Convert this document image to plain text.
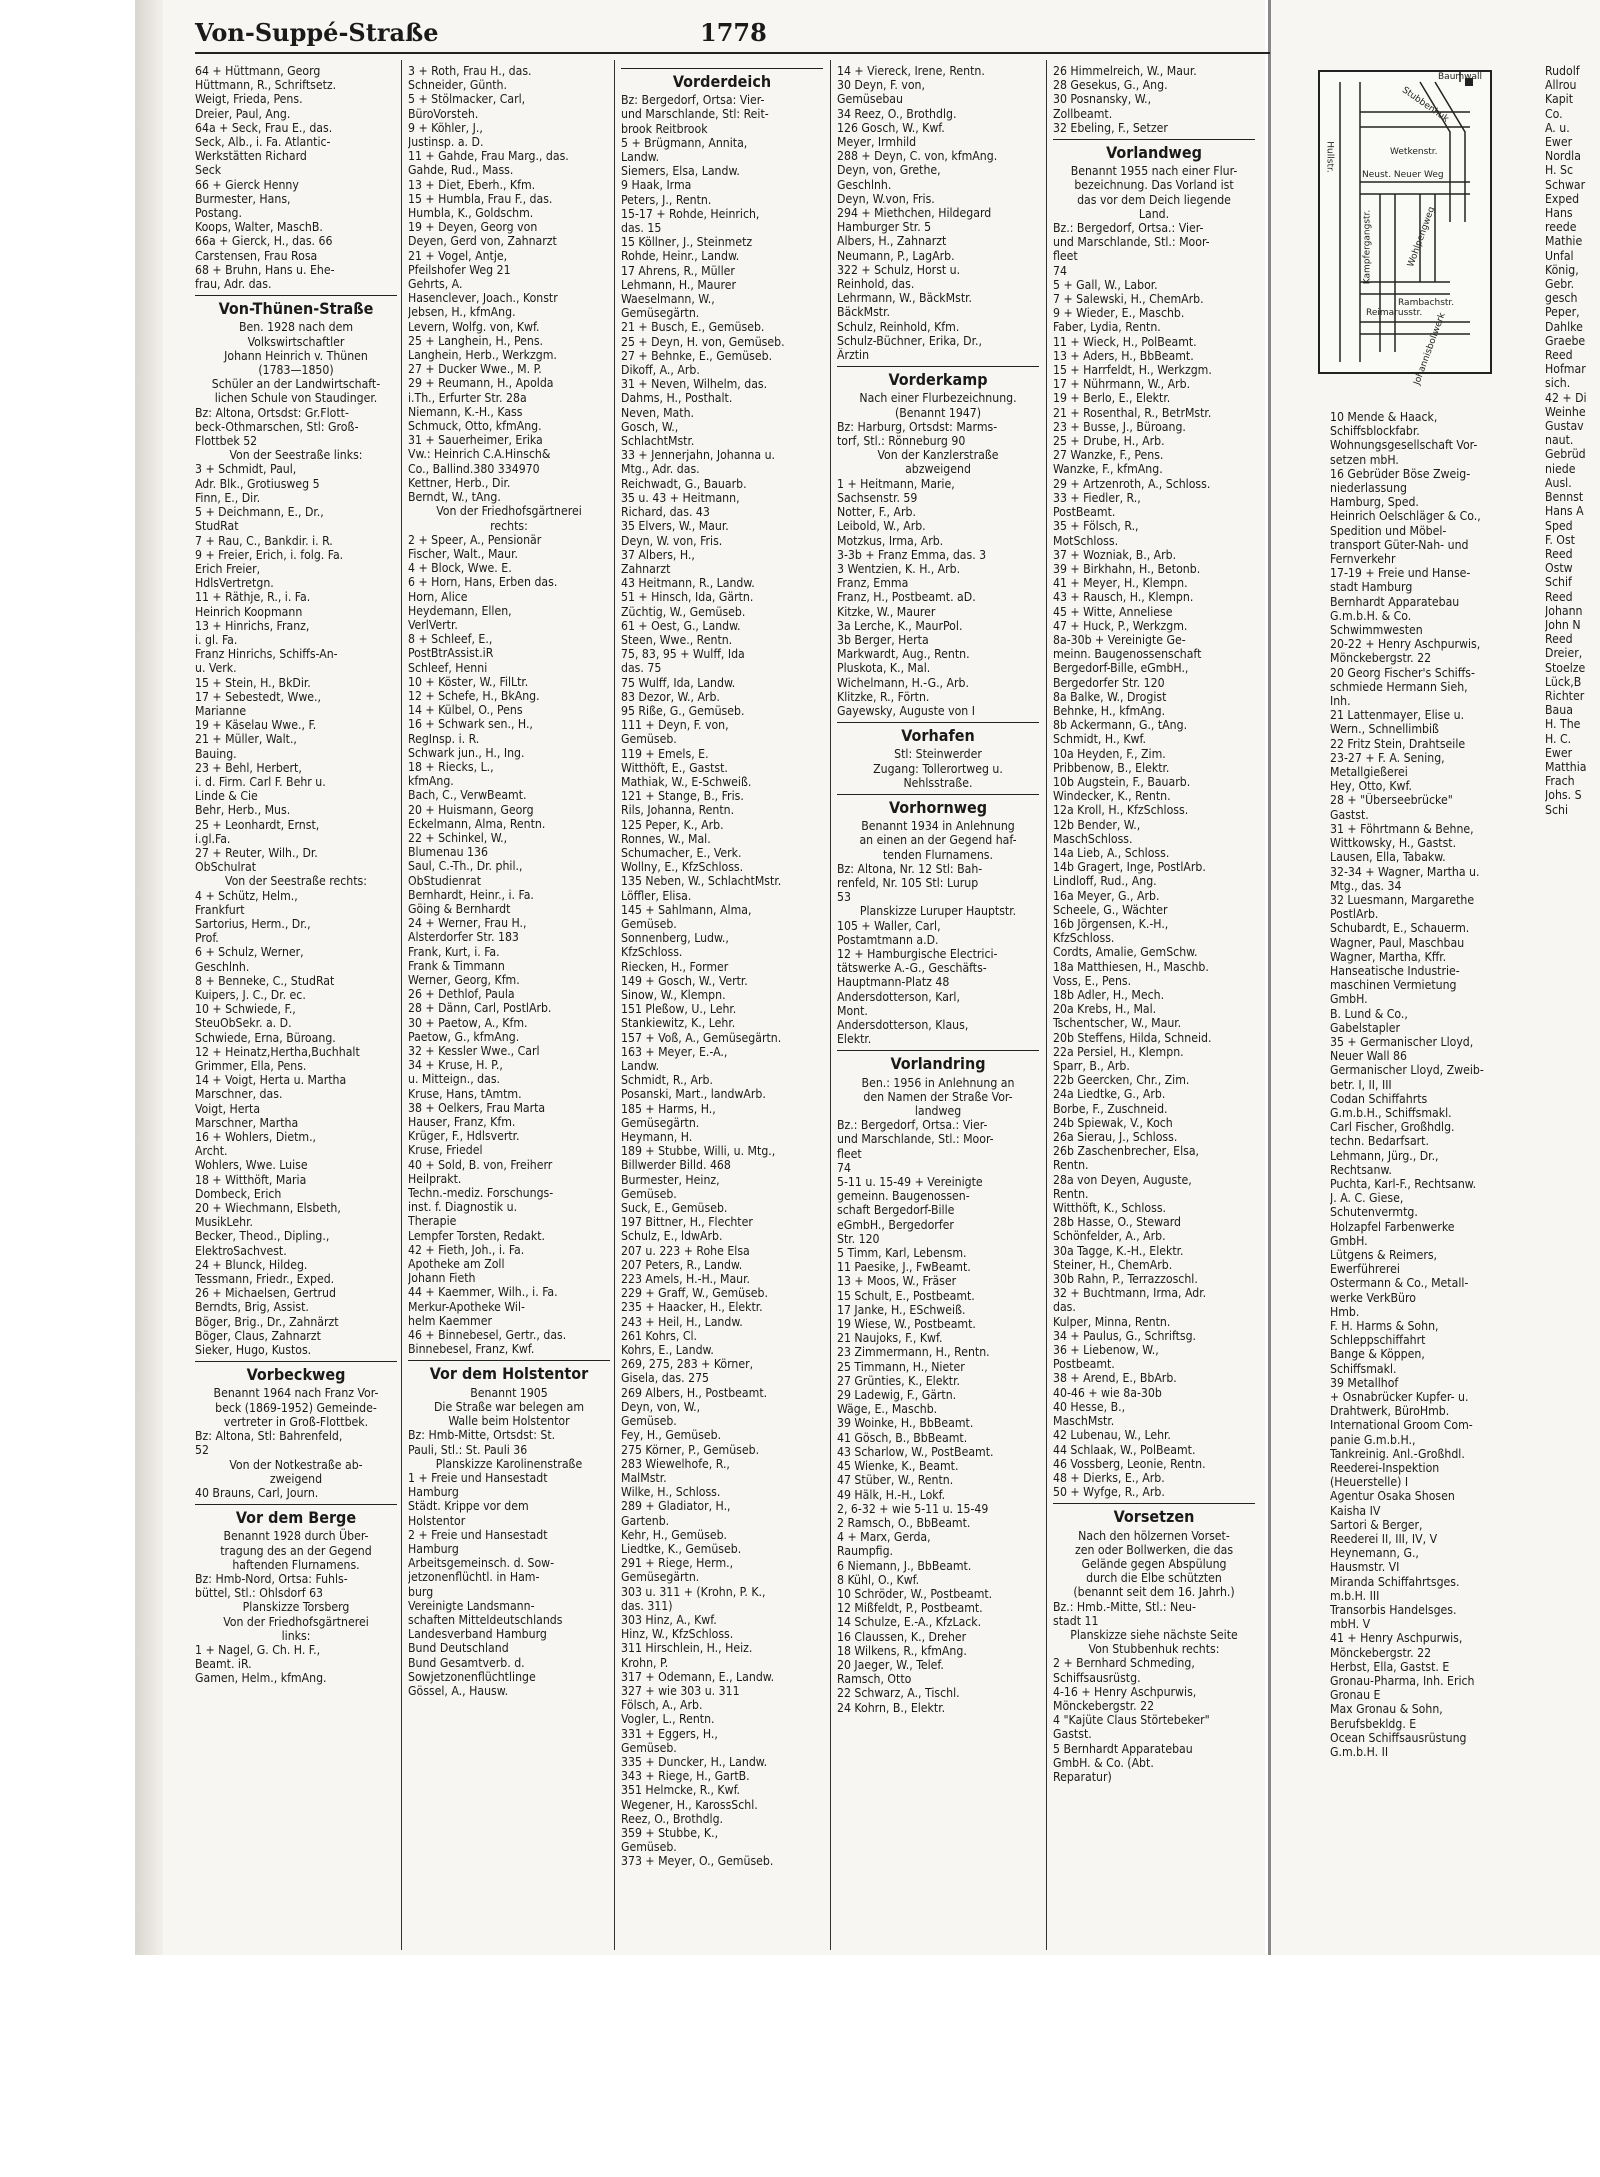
Von-Suppé-Straße	1778
64 + Hüttmann, Georg
Hüttmann, R., Schriftsetz.
Weigt, Frieda, Pens.
Dreier, Paul, Ang.
64a + Seck, Frau E., das.
Seck, Alb., i. Fa. Atlantic-
Werkstätten Richard
Seck
66 + Gierck Henny
Burmester, Hans,
Postang.
Koops, Walter, MaschB.
66a + Gierck, H., das. 66
Carstensen, Frau Rosa
68 + Bruhn, Hans u. Ehe-
frau, Adr. das.
Von-Thünen-Straße
Ben. 1928 nach dem
Volkswirtschaftler
Johann Heinrich v. Thünen
(1783—1850)
Schüler an der Landwirtschaft-
lichen Schule von Staudinger.
Bz: Altona, Ortsdst: Gr.Flott-
beck-Othmarschen, Stl: Groß-
Flottbek 52
Von der Seestraße links:
3 + Schmidt, Paul,
Adr. Blk., Grotiusweg 5
Finn, E., Dir.
5 + Deichmann, E., Dr.,
StudRat
7 + Rau, C., Bankdir. i. R.
9 + Freier, Erich, i. folg. Fa.
Erich Freier,
HdlsVertretgn.
11 + Räthje, R., i. Fa.
Heinrich Koopmann
13 + Hinrichs, Franz,
i. gl. Fa.
Franz Hinrichs, Schiffs-An-
u. Verk.
15 + Stein, H., BkDir.
17 + Sebestedt, Wwe.,
Marianne
19 + Käselau Wwe., F.
21 + Müller, Walt.,
Bauing.
23 + Behl, Herbert,
i. d. Firm. Carl F. Behr u.
Linde & Cie
Behr, Herb., Mus.
25 + Leonhardt, Ernst,
i.gl.Fa.
27 + Reuter, Wilh., Dr.
ObSchulrat
Von der Seestraße rechts:
4 + Schütz, Helm.,
Frankfurt
Sartorius, Herm., Dr.,
Prof.
6 + Schulz, Werner,
Geschlnh.
8 + Benneke, C., StudRat
Kuipers, J. C., Dr. ec.
10 + Schwiede, F.,
SteuObSekr. a. D.
Schwiede, Erna, Büroang.
12 + Heinatz,Hertha,Buchhalt
Grimmer, Ella, Pens.
14 + Voigt, Herta u. Martha
Marschner, das.
Voigt, Herta
Marschner, Martha
16 + Wohlers, Dietm.,
Archt.
Wohlers, Wwe. Luise
18 + Witthöft, Maria
Dombeck, Erich
20 + Wiechmann, Elsbeth,
MusikLehr.
Becker, Theod., Dipling.,
ElektroSachvest.
24 + Blunck, Hildeg.
Tessmann, Friedr., Exped.
26 + Michaelsen, Gertrud
Berndts, Brig, Assist.
Böger, Brig., Dr., Zahnärzt
Böger, Claus, Zahnarzt
Sieker, Hugo, Kustos.
Vorbeckweg
Benannt 1964 nach Franz Vor-
beck (1869-1952) Gemeinde-
vertreter in Groß-Flottbek.
Bz: Altona, Stl: Bahrenfeld,
52
Von der Notkestraße ab-
zweigend
40 Brauns, Carl, Journ.
Vor dem Berge
Benannt 1928 durch Über-
tragung des an der Gegend
haftenden Flurnamens.
Bz: Hmb-Nord, Ortsa: Fuhls-
büttel, Stl.: Ohlsdorf 63
Planskizze Torsberg
Von der Friedhofsgärtnerei
links:
1 + Nagel, G. Ch. H. F.,
Beamt. iR.
Gamen, Helm., kfmAng.
3 + Roth, Frau H., das.
Schneider, Günth.
5 + Stölmacker, Carl,
BüroVorsteh.
9 + Köhler, J.,
Justinsp. a. D.
11 + Gahde, Frau Marg., das.
Gahde, Rud., Mass.
13 + Diet, Eberh., Kfm.
15 + Humbla, Frau F., das.
Humbla, K., Goldschm.
19 + Deyen, Georg von
Deyen, Gerd von, Zahnarzt
21 + Vogel, Antje,
Pfeilshofer Weg 21
Gehrts, A.
Hasenclever, Joach., Konstr
Jebsen, H., kfmAng.
Levern, Wolfg. von, Kwf.
25 + Langhein, H., Pens.
Langhein, Herb., Werkzgm.
27 + Ducker Wwe., M. P.
29 + Reumann, H., Apolda
i.Th., Erfurter Str. 28a
Niemann, K.-H., Kass
Schmuck, Otto, kfmAng.
31 + Sauerheimer, Erika
Vw.: Heinrich C.A.Hinsch&
Co., Ballind.380 334970
Kettner, Herb., Dir.
Berndt, W., tAng.
Von der Friedhofsgärtnerei
rechts:
2 + Speer, A., Pensionär
Fischer, Walt., Maur.
4 + Block, Wwe. E.
6 + Horn, Hans, Erben das.
Horn, Alice
Heydemann, Ellen,
VerlVertr.
8 + Schleef, E.,
PostBtrAssist.iR
Schleef, Henni
10 + Köster, W., FilLtr.
12 + Schefe, H., BkAng.
14 + Külbel, O., Pens
16 + Schwark sen., H.,
RegInsp. i. R.
Schwark jun., H., Ing.
18 + Riecks, L.,
kfmAng.
Bach, C., VerwBeamt.
20 + Huismann, Georg
Eckelmann, Alma, Rentn.
22 + Schinkel, W.,
Blumenau 136
Saul, C.-Th., Dr. phil.,
ObStudienrat
Bernhardt, Heinr., i. Fa.
Göing & Bernhardt
24 + Werner, Frau H.,
Alsterdorfer Str. 183
Frank, Kurt, i. Fa.
Frank & Timmann
Werner, Georg, Kfm.
26 + Dethlof, Paula
28 + Dänn, Carl, PostlArb.
30 + Paetow, A., Kfm.
Paetow, G., kfmAng.
32 + Kessler Wwe., Carl
34 + Kruse, H. P.,
u. Mitteign., das.
Kruse, Hans, tAmtm.
38 + Oelkers, Frau Marta
Hauser, Franz, Kfm.
Krüger, F., Hdlsvertr.
Kruse, Friedel
40 + Sold, B. von, Freiherr
Heilprakt.
Techn.-mediz. Forschungs-
inst. f. Diagnostik u.
Therapie
Lempfer Torsten, Redakt.
42 + Fieth, Joh., i. Fa.
Apotheke am Zoll
Johann Fieth
44 + Kaemmer, Wilh., i. Fa.
Merkur-Apotheke Wil-
helm Kaemmer
46 + Binnebesel, Gertr., das.
Binnebesel, Franz, Kwf.
Vor dem Holstentor
Benannt 1905
Die Straße war belegen am
Walle beim Holstentor
Bz: Hmb-Mitte, Ortsdst: St.
Pauli, Stl.: St. Pauli 36
Planskizze Karolinenstraße
1 + Freie und Hansestadt
Hamburg
Städt. Krippe vor dem
Holstentor
2 + Freie und Hansestadt
Hamburg
Arbeitsgemeinsch. d. Sow-
jetzonenflüchtl. in Ham-
burg
Vereinigte Landsmann-
schaften Mitteldeutschlands
Landesverband Hamburg
Bund Deutschland
Bund Gesamtverb. d.
Sowjetzonenflüchtlinge
Gössel, A., Hausw.
Vorderdeich
Bz: Bergedorf, Ortsa: Vier-
und Marschlande, Stl: Reit-
brook Reitbrook
5 + Brügmann, Annita,
Landw.
Siemers, Elsa, Landw.
9 Haak, Irma
Peters, J., Rentn.
15-17 + Rohde, Heinrich,
das. 15
15 Köllner, J., Steinmetz
Rohde, Heinr., Landw.
17 Ahrens, R., Müller
Lehmann, H., Maurer
Waeselmann, W.,
Gemüsegärtn.
21 + Busch, E., Gemüseb.
25 + Deyn, H. von, Gemüseb.
27 + Behnke, E., Gemüseb.
Dikoff, A., Arb.
31 + Neven, Wilhelm, das.
Dahms, H., Posthalt.
Neven, Math.
Gosch, W.,
SchlachtMstr.
33 + Jennerjahn, Johanna u.
Mtg., Adr. das.
Reichwadt, G., Bauarb.
35 u. 43 + Heitmann,
Richard, das. 43
35 Elvers, W., Maur.
Deyn, W. von, Fris.
37 Albers, H.,
Zahnarzt
43 Heitmann, R., Landw.
51 + Hinsch, Ida, Gärtn.
Züchtig, W., Gemüseb.
61 + Oest, G., Landw.
Steen, Wwe., Rentn.
75, 83, 95 + Wulff, Ida
das. 75
75 Wulff, Ida, Landw.
83 Dezor, W., Arb.
95 Riße, G., Gemüseb.
111 + Deyn, F. von,
Gemüseb.
119 + Emels, E.
Witthöft, E., Gastst.
Mathiak, W., E-Schweiß.
121 + Stange, B., Fris.
Rils, Johanna, Rentn.
125 Peper, K., Arb.
Ronnes, W., Mal.
Schumacher, E., Verk.
Wollny, E., KfzSchloss.
135 Neben, W., SchlachtMstr.
Löffler, Elisa.
145 + Sahlmann, Alma,
Gemüseb.
Sonnenberg, Ludw.,
KfzSchloss.
Riecken, H., Former
149 + Gosch, W., Vertr.
Sinow, W., Klempn.
151 Pleßow, U., Lehr.
Stankiewitz, K., Lehr.
157 + Voß, A., Gemüsegärtn.
163 + Meyer, E.-A.,
Landw.
Schmidt, R., Arb.
Posanski, Mart., landwArb.
185 + Harms, H.,
Gemüsegärtn.
Heymann, H.
189 + Stubbe, Willi, u. Mtg.,
Billwerder Billd. 468
Burmester, Heinz,
Gemüseb.
Suck, E., Gemüseb.
197 Bittner, H., Flechter
Schulz, E., ldwArb.
207 u. 223 + Rohe Elsa
207 Peters, R., Landw.
223 Amels, H.-H., Maur.
229 + Graff, W., Gemüseb.
235 + Haacker, H., Elektr.
243 + Heil, H., Landw.
261 Kohrs, Cl.
Kohrs, E., Landw.
269, 275, 283 + Körner,
Gisela, das. 275
269 Albers, H., Postbeamt.
Deyn, von, W.,
Gemüseb.
Fey, H., Gemüseb.
275 Körner, P., Gemüseb.
283 Wiewelhofe, R.,
MalMstr.
Wilke, H., Schloss.
289 + Gladiator, H.,
Gartenb.
Kehr, H., Gemüseb.
Liedtke, K., Gemüseb.
291 + Riege, Herm.,
Gemüsegärtn.
303 u. 311 + (Krohn, P. K.,
das. 311)
303 Hinz, A., Kwf.
Hinz, W., KfzSchloss.
311 Hirschlein, H., Heiz.
Krohn, P.
317 + Odemann, E., Landw.
327 + wie 303 u. 311
Fölsch, A., Arb.
Vogler, L., Rentn.
331 + Eggers, H.,
Gemüseb.
335 + Duncker, H., Landw.
343 + Riege, H., GartB.
351 Helmcke, R., Kwf.
Wegener, H., KarossSchl.
Reez, O., Brothdlg.
359 + Stubbe, K.,
Gemüseb.
373 + Meyer, O., Gemüseb.
14 + Viereck, Irene, Rentn.
30 Deyn, F. von,
Gemüsebau
34 Reez, O., Brothdlg.
126 Gosch, W., Kwf.
Meyer, Irmhild
288 + Deyn, C. von, kfmAng.
Deyn, von, Grethe,
Geschlnh.
Deyn, W.von, Fris.
294 + Miethchen, Hildegard
Hamburger Str. 5
Albers, H., Zahnarzt
Neumann, P., LagArb.
322 + Schulz, Horst u.
Reinhold, das.
Lehrmann, W., BäckMstr.
BäckMstr.
Schulz, Reinhold, Kfm.
Schulz-Büchner, Erika, Dr.,
Ärztin
Vorderkamp
Nach einer Flurbezeichnung.
(Benannt 1947)
Bz: Harburg, Ortsdst: Marms-
torf, Stl.: Rönneburg 90
Von der Kanzlerstraße
abzweigend
1 + Heitmann, Marie,
Sachsenstr. 59
Notter, F., Arb.
Leibold, W., Arb.
Motzkus, Irma, Arb.
3-3b + Franz Emma, das. 3
3 Wentzien, K. H., Arb.
Franz, Emma
Franz, H., Postbeamt. aD.
Kitzke, W., Maurer
3a Lerche, K., MaurPol.
3b Berger, Herta
Markwardt, Aug., Rentn.
Pluskota, K., Mal.
Wichelmann, H.-G., Arb.
Klitzke, R., Förtn.
Gayewsky, Auguste von I
Vorhafen
Stl: Steinwerder
Zugang: Tollerortweg u.
Nehlsstraße.
Vorhornweg
Benannt 1934 in Anlehnung
an einen an der Gegend haf-
tenden Flurnamens.
Bz: Altona, Nr. 12 Stl: Bah-
renfeld, Nr. 105 Stl: Lurup
53
Planskizze Luruper Hauptstr.
105 + Waller, Carl,
Postamtmann a.D.
12 + Hamburgische Electrici-
tätswerke A.-G., Geschäfts-
Hauptmann-Platz 48
Andersdotterson, Karl,
Mont.
Andersdotterson, Klaus,
Elektr.
Vorlandring
Ben.: 1956 in Anlehnung an
den Namen der Straße Vor-
landweg
Bz.: Bergedorf, Ortsa.: Vier-
und Marschlande, Stl.: Moor-
fleet
74
5-11 u. 15-49 + Vereinigte
gemeinn. Baugenossen-
schaft Bergedorf-Bille
eGmbH., Bergedorfer
Str. 120
5 Timm, Karl, Lebensm.
11 Paesike, J., FwBeamt.
13 + Moos, W., Fräser
15 Schult, E., Postbeamt.
17 Janke, H., ESchweiß.
19 Wiese, W., Postbeamt.
21 Naujoks, F., Kwf.
23 Zimmermann, H., Rentn.
25 Timmann, H., Nieter
27 Grünties, K., Elektr.
29 Ladewig, F., Gärtn.
Wäge, E., Maschb.
39 Woinke, H., BbBeamt.
41 Gösch, B., BbBeamt.
43 Scharlow, W., PostBeamt.
45 Wienke, K., Beamt.
47 Stüber, W., Rentn.
49 Hälk, H.-H., Lokf.
2, 6-32 + wie 5-11 u. 15-49
2 Ramsch, O., BbBeamt.
4 + Marx, Gerda,
Raumpfig.
6 Niemann, J., BbBeamt.
8 Kühl, O., Kwf.
10 Schröder, W., Postbeamt.
12 Mißfeldt, P., Postbeamt.
14 Schulze, E.-A., KfzLack.
16 Claussen, K., Dreher
18 Wilkens, R., kfmAng.
20 Jaeger, W., Telef.
Ramsch, Otto
22 Schwarz, A., Tischl.
24 Kohrn, B., Elektr.
26 Himmelreich, W., Maur.
28 Gesekus, G., Ang.
30 Posnansky, W.,
Zollbeamt.
32 Ebeling, F., Setzer
Vorlandweg
Benannt 1955 nach einer Flur-
bezeichnung. Das Vorland ist
das vor dem Deich liegende
Land.
Bz.: Bergedorf, Ortsa.: Vier-
und Marschlande, Stl.: Moor-
fleet
74
5 + Gall, W., Labor.
7 + Salewski, H., ChemArb.
9 + Wieder, E., Maschb.
Faber, Lydia, Rentn.
11 + Wieck, H., PolBeamt.
13 + Aders, H., BbBeamt.
15 + Harrfeldt, H., Werkzgm.
17 + Nührmann, W., Arb.
19 + Berlo, E., Elektr.
21 + Rosenthal, R., BetrMstr.
23 + Busse, J., Büroang.
25 + Drube, H., Arb.
27 Wanzke, F., Pens.
Wanzke, F., kfmAng.
29 + Artzenroth, A., Schloss.
33 + Fiedler, R.,
PostBeamt.
35 + Fölsch, R.,
MotSchloss.
37 + Wozniak, B., Arb.
39 + Birkhahn, H., Betonb.
41 + Meyer, H., Klempn.
43 + Rausch, H., Klempn.
45 + Witte, Anneliese
47 + Huck, P., Werkzgm.
8a-30b + Vereinigte Ge-
meinn. Baugenossenschaft
Bergedorf-Bille, eGmbH.,
Bergedorfer Str. 120
8a Balke, W., Drogist
Behnke, H., kfmAng.
8b Ackermann, G., tAng.
Schmidt, H., Kwf.
10a Heyden, F., Zim.
Pribbenow, B., Elektr.
10b Augstein, F., Bauarb.
Windecker, K., Rentn.
12a Kroll, H., KfzSchloss.
12b Bender, W.,
MaschSchloss.
14a Lieb, A., Schloss.
14b Gragert, Inge, PostlArb.
Lindloff, Rud., Ang.
16a Meyer, G., Arb.
Scheele, G., Wächter
16b Jörgensen, K.-H.,
KfzSchloss.
Cordts, Amalie, GemSchw.
18a Matthiesen, H., Maschb.
Voss, E., Pens.
18b Adler, H., Mech.
20a Krebs, H., Mal.
Tschentscher, W., Maur.
20b Steffens, Hilda, Schneid.
22a Persiel, H., Klempn.
Sparr, B., Arb.
22b Geercken, Chr., Zim.
24a Liedtke, G., Arb.
Borbe, F., Zuschneid.
24b Spiewak, V., Koch
26a Sierau, J., Schloss.
26b Zaschenbrecher, Elsa,
Rentn.
28a von Deyen, Auguste,
Rentn.
Witthöft, K., Schloss.
28b Hasse, O., Steward
Schönfelder, A., Arb.
30a Tagge, K.-H., Elektr.
Steiner, H., ChemArb.
30b Rahn, P., Terrazzoschl.
32 + Buchtmann, Irma, Adr.
das.
Kulper, Minna, Rentn.
34 + Paulus, G., Schriftsg.
36 + Liebenow, W.,
Postbeamt.
38 + Arend, E., BbArb.
40-46 + wie 8a-30b
40 Hesse, B.,
MaschMstr.
42 Lubenau, W., Lehr.
44 Schlaak, W., PolBeamt.
46 Vossberg, Leonie, Rentn.
48 + Dierks, E., Arb.
50 + Wyfge, R., Arb.
Vorsetzen
Nach den hölzernen Vorset-
zen oder Bollwerken, die das
Gelände gegen Abspülung
durch die Elbe schützten
(benannt seit dem 16. Jahrh.)
Bz.: Hmb.-Mitte, Stl.: Neu-
stadt 11
Planskizze siehe nächste Seite
Von Stubbenhuk rechts:
2 + Bernhard Schmeding,
Schiffsausrüstg.
4-16 + Henry Aschpurwis,
Mönckebergstr. 22
4 "Kajüte Claus Störtebeker"
Gastst.
5 Bernhardt Apparatebau
GmbH. & Co. (Abt.
Reparatur)
Baumwall
Stubbenhuk
Hullstr.	Wetkenstr.
Neust. Neuer Weg
Kampfergangstr.	Wohlpengweg
Rambachstr.
Reimarusstr.
Johannisbollwerk
10 Mende & Haack,
Schiffsblockfabr.
Wohnungsgesellschaft Vor-
setzen mbH.
16 Gebrüder Böse Zweig-
niederlassung
Hamburg, Sped.
Heinrich Oelschläger & Co.,
Spedition und Möbel-
transport Güter-Nah- und
Fernverkehr
17-19 + Freie und Hanse-
stadt Hamburg
Bernhardt Apparatebau
G.m.b.H. & Co.
Schwimmwesten
20-22 + Henry Aschpurwis,
Mönckebergstr. 22
20 Georg Fischer's Schiffs-
schmiede Hermann Sieh,
Inh.
21 Lattenmayer, Elise u.
Wern., Schnellimbiß
22 Fritz Stein, Drahtseile
23-27 + F. A. Sening,
Metallgießerei
Hey, Otto, Kwf.
28 + "Überseebrücke"
Gastst.
31 + Föhrtmann & Behne,
Wittkowsky, H., Gastst.
Lausen, Ella, Tabakw.
32-34 + Wagner, Martha u.
Mtg., das. 34
32 Luesmann, Margarethe
PostlArb.
Schubardt, E., Schauerm.
Wagner, Paul, Maschbau
Wagner, Martha, Kffr.
Hanseatische Industrie-
maschinen Vermietung
GmbH.
B. Lund & Co.,
Gabelstapler
35 + Germanischer Lloyd,
Neuer Wall 86
Germanischer Lloyd, Zweib-
betr. I, II, III
Codan Schiffahrts
G.m.b.H., Schiffsmakl.
Carl Fischer, Großhdlg.
techn. Bedarfsart.
Lehmann, Jürg., Dr.,
Rechtsanw.
Puchta, Karl-F., Rechtsanw.
J. A. C. Giese,
Schutenvermtg.
Holzapfel Farbenwerke
GmbH.
Lütgens & Reimers,
Ewerführerei
Ostermann & Co., Metall-
werke VerkBüro
Hmb.
F. H. Harms & Sohn,
Schleppschiffahrt
Bange & Köppen,
Schiffsmakl.
39 Metallhof
+ Osnabrücker Kupfer- u.
Drahtwerk, BüroHmb.
International Groom Com-
panie G.m.b.H.,
Tankreinig. Anl.-Großhdl.
Reederei-Inspektion
(Heuerstelle) I
Agentur Osaka Shosen
Kaisha IV
Sartori & Berger,
Reederei II, III, IV, V
Heynemann, G.,
Hausmstr. VI
Miranda Schiffahrtsges.
m.b.H. III
Transorbis Handelsges.
mbH. V
41 + Henry Aschpurwis,
Mönckebergstr. 22
Herbst, Ella, Gastst. E
Gronau-Pharma, Inh. Erich
Gronau E
Max Gronau & Sohn,
Berufsbekldg. E
Ocean Schiffsausrüstung
G.m.b.H. II
Rudolf
Allrou
Kapit
Co.
A. u.
Ewer
Nordla
H. Sc
Schwar
Exped
Hans
reede
Mathie
Unfal
König,
Gebr.
gesch
Peper,
Dahlke
Graebe
Reed
Hofmar
sich.
42 + Di
Weinhe
Gustav
naut.
Gebrüd
niede
Ausl.
Bennst
Hans A
Sped
F. Ost
Reed
Ostw
Schif
Reed
Johann
John N
Reed
Dreier,
Stoelze
Lück,B
Richter
Baua
H. The
H. C.
Ewer
Matthia
Frach
Johs. S
Schi
